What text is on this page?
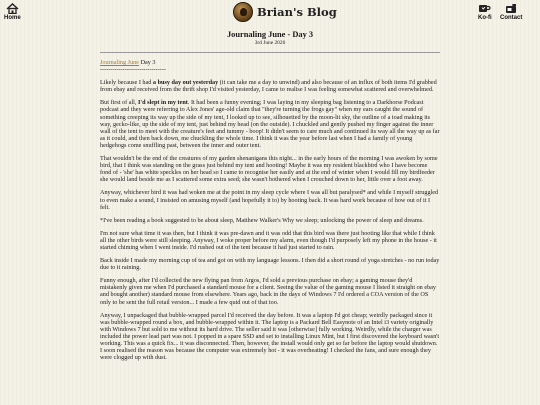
Home	Brian's Blog	Ko-fi Contact
Journaling June - Day 3
3rd June 2026

Journaling June Day 3

--------------------------------

Likely because I had a busy day out yesterday (it can take me a day to unwind) and also because of an influx of both items I'd grabbed from ebay and received from the thrift shop I'd visited yesterday, I came to realise I was feeling somewhat scattered and overwhelmed.

But first of all, I'd slept in my tent. It had been a funny evening; I was laying in my sleeping bag listening to a Darkhorse Podcast podcast and they were referring to Alex Jones' age-old claim that "they're turning the frogs gay" when my ears caught the sound of something creeping its way up the side of my tent, I looked up to see, silhouetted by the moon-lit sky, the outline of a toad making its way, gecko-like, up the side of my tent, just behind my head (on the outside). I chuckled and gently pushed my finger against the inner wall of the tent to meet with the creature's feet and tummy - boop! It didn't seem to care much and continued its way all the way up as far as it could, and then back down, me chuckling the whole time. I think it was the year before last when I had a family of young hedgehogs come snuffling past, between the inner and outer tent.

That wouldn't be the end of the creatures of my garden shenanigans this night... in the early hours of the morning I was awoken by some bird, that I think was standing on the grass just behind my tent and hooting! Maybe it was my resident blackbird who I have become fond of - 'she' has white speckles on her head so I came to recognise her easily and at the end of winter when I would fill my birdfeeder she would land beside me as I scattered some extra seed; she wasn't bothered when I crouched down to her, little over a foot away.

Anyway, whichever bird it was had woken me at the point in my sleep cycle where I was all but paralysed* and while I myself struggled to even make a sound, I insisted on amusing myself (and hopefully it to) by hooting back. It was hard work because of how out of it I felt.

*I've been reading a book suggested to be about sleep, Matthew Walker's Why we sleep; unlocking the power of sleep and dreams.

I'm not sure what time it was then, but I think it was pre-dawn and it was odd that this bird was there just hooting like that while I think all the other birds were still sleeping. Anyway, I woke proper before my alarm, even though I'd purposely left my phone in the house - it started chiming when I went inside. I'd rushed out of the tent because it had just started to rain.

Back inside I made my morning cup of tea and got on with my language lessons. I then did a short round of yoga stretches - no run today due to it raining.

Funny enough, after I'd collected the new flying pan from Argos, I'd sold a previous purchase on ebay; a gaming mouse they'd mistakenly given me when I'd purchased a standard mouse for a client. Seeing the value of the gaming mouse I listed it straight on ebay and bought another) standard mouse from elsewhere. Years ago, back in the days of Windows 7 I'd ordered a COA version of the OS only to be sent the full retail version... I made a few quid out of that too.

Anyway, I unpackaged that bubble-wrapped parcel I'd received the day before. It was a laptop I'd got cheap; weirdly packaged since it was bubble-wrapped round a box, and bubble-wrapped within it. The laptop is a Packard Bell Easynote of an Intel i3 variety originally with Windows 7 but sold to me without its hard drive. The seller said it was [otherwise] fully working. Weirdly, while the charger was included the power lead part was not. I popped in a spare SSD and set to installing Linux Mint, but I first discovered the keyboard wasn't working. This was a quick fix... it was disconnected. Then, however, the install would only get so far before the laptop would shutdown. I soon realised the reason was because the computer was extremely hot - it was overheating! I checked the fans, and sure enough they were clogged up with dust.
